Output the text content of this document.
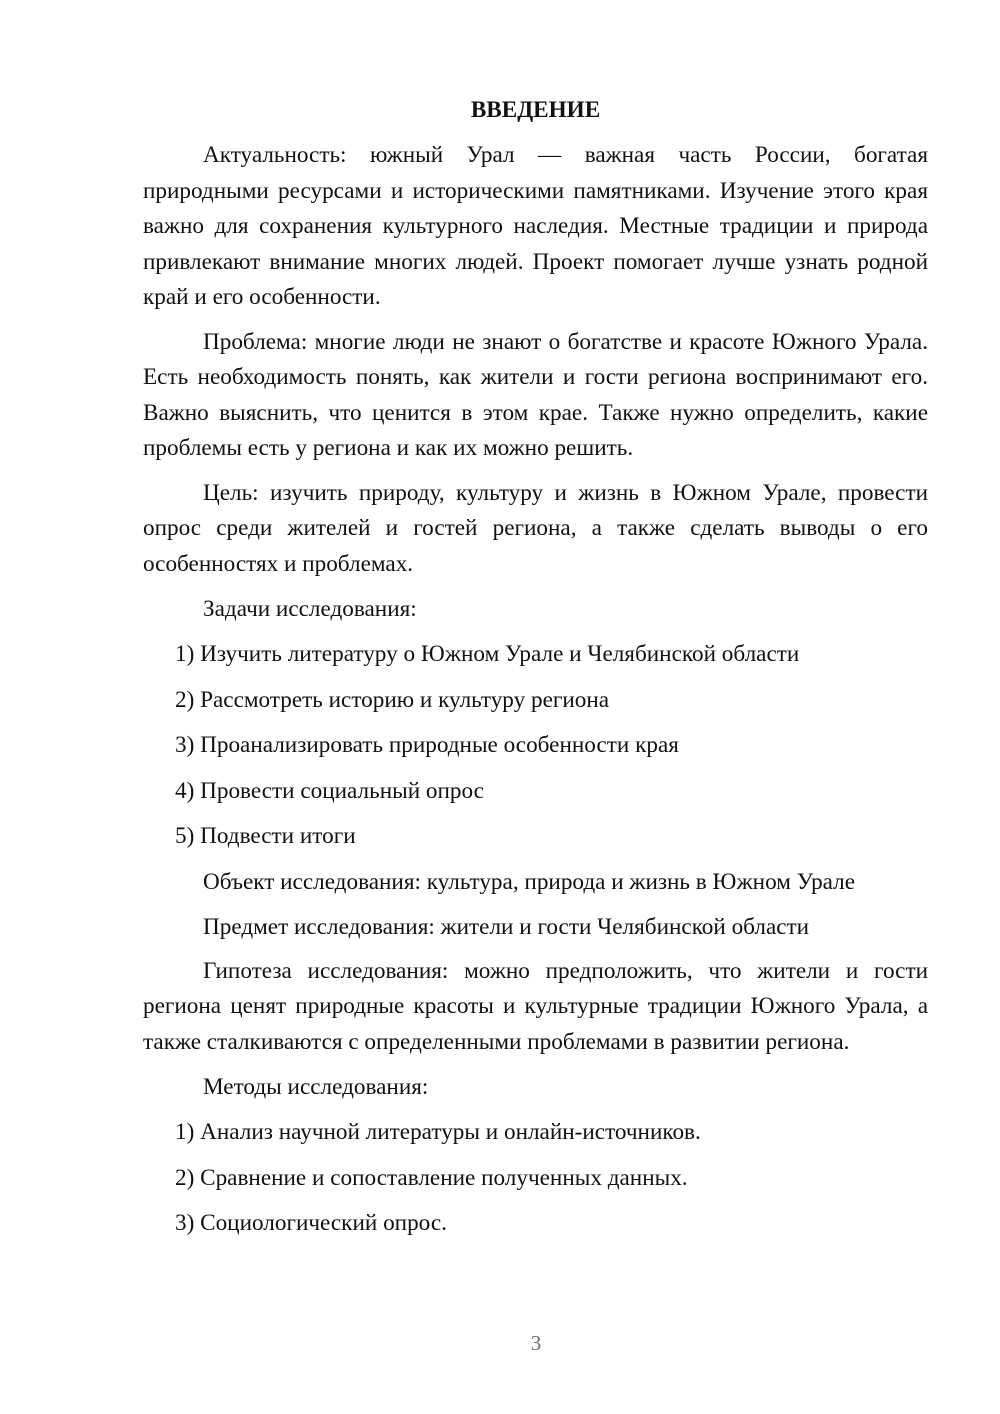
ВВЕДЕНИЕ

Актуальность: южный Урал — важная часть России, богатая природными ресурсами и историческими памятниками. Изучение этого края важно для сохранения культурного наследия. Местные традиции и природа привлекают внимание многих людей. Проект помогает лучше узнать родной край и его особенности.

Проблема: многие люди не знают о богатстве и красоте Южного Урала. Есть необходимость понять, как жители и гости региона воспринимают его. Важно выяснить, что ценится в этом крае. Также нужно определить, какие проблемы есть у региона и как их можно решить.

Цель: изучить природу, культуру и жизнь в Южном Урале, провести опрос среди жителей и гостей региона, а также сделать выводы о его особенностях и проблемах.

Задачи исследования:
1) Изучить литературу о Южном Урале и Челябинской области
2) Рассмотреть историю и культуру региона
3) Проанализировать природные особенности края
4) Провести социальный опрос
5) Подвести итоги
Объект исследования: культура, природа и жизнь в Южном Урале
Предмет исследования: жители и гости Челябинской области

Гипотеза исследования: можно предположить, что жители и гости региона ценят природные красоты и культурные традиции Южного Урала, а также сталкиваются с определенными проблемами в развитии региона.

Методы исследования:
1) Анализ научной литературы и онлайн-источников.
2) Сравнение и сопоставление полученных данных.
3) Социологический опрос.
3
